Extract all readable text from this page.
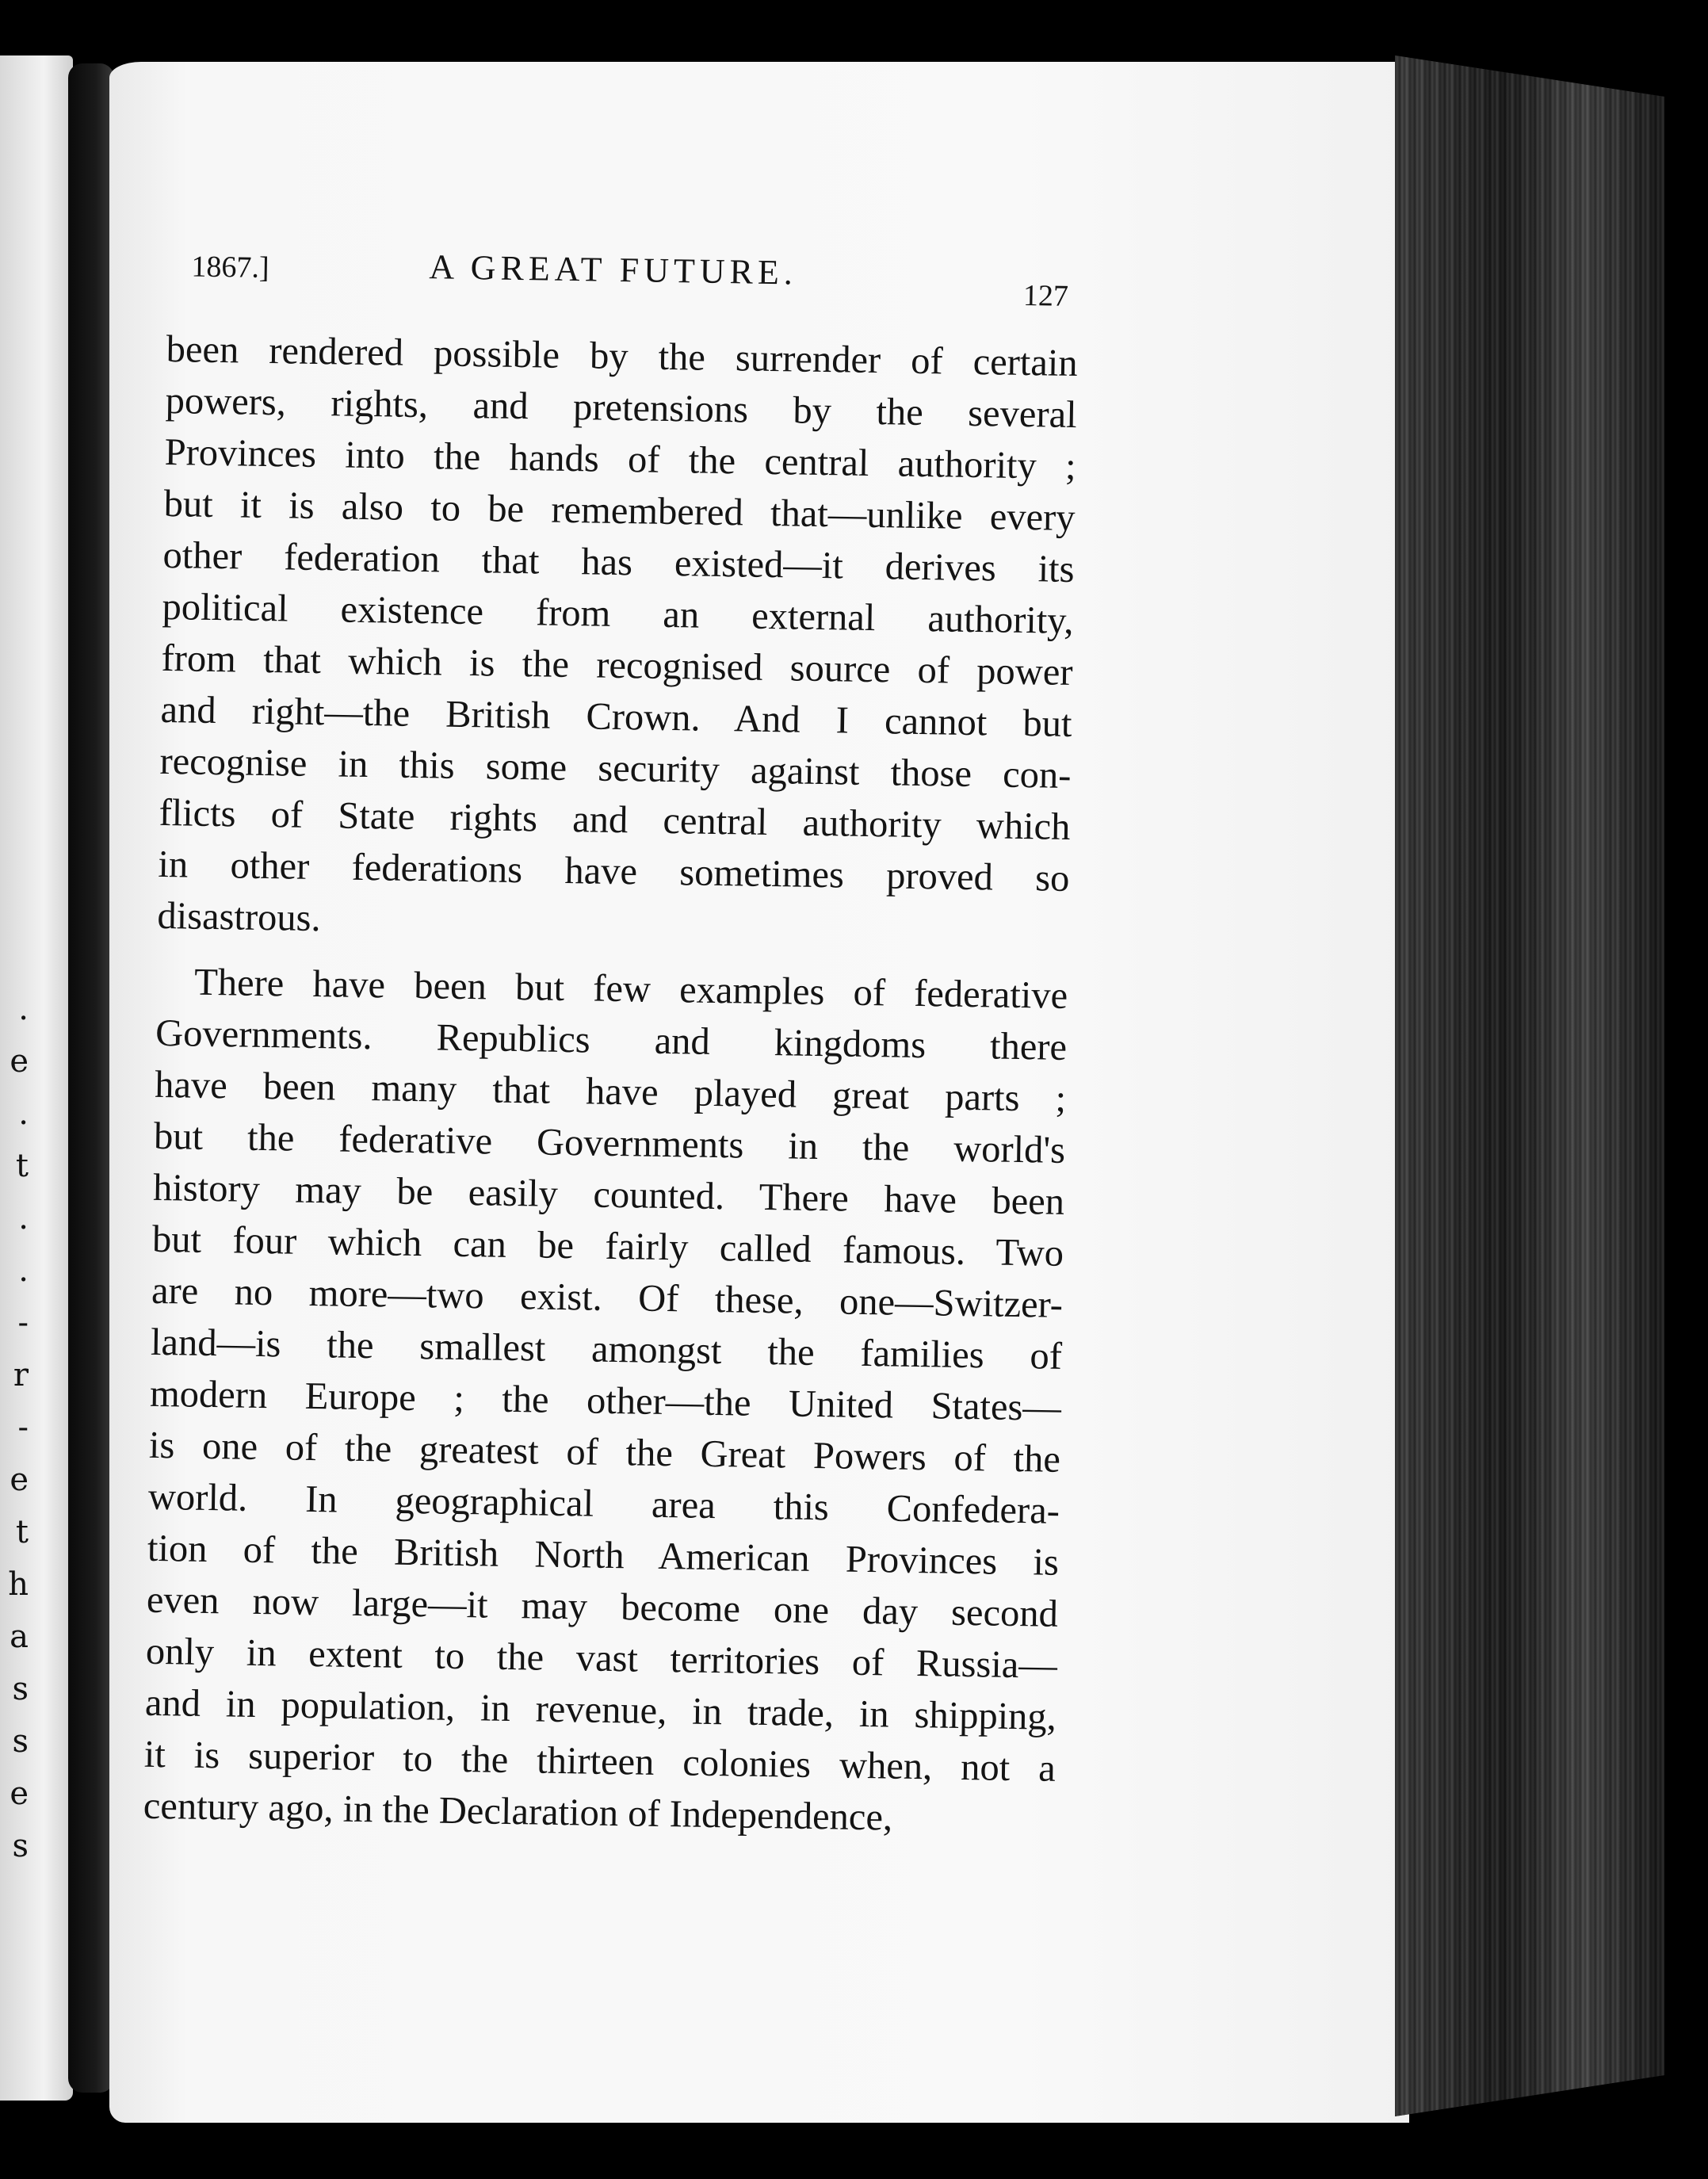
.
e
.
t
.
.
-
r
-
e
t
h
a
s
s
e
s
1867.]	A GREAT FUTURE.
127
been rendered possible by the surrender of certain
powers, rights, and pretensions by the several
Provinces into the hands of the central authority ;
but it is also to be remembered that—unlike every
other federation that has existed—it derives its
political existence from an external authority,
from that which is the recognised source of power
and right—the British Crown. And I cannot but
recognise in this some security against those con-
flicts of State rights and central authority which
in other federations have sometimes proved so
disastrous.
There have been but few examples of federative
Governments. Republics and kingdoms there
have been many that have played great parts ;
but the federative Governments in the world's
history may be easily counted. There have been
but four which can be fairly called famous. Two
are no more—two exist. Of these, one—Switzer-
land—is the smallest amongst the families of
modern Europe ; the other—the United States—
is one of the greatest of the Great Powers of the
world. In geographical area this Confedera-
tion of the British North American Provinces is
even now large—it may become one day second
only in extent to the vast territories of Russia—
and in population, in revenue, in trade, in shipping,
it is superior to the thirteen colonies when, not a
century ago, in the Declaration of Independence,
